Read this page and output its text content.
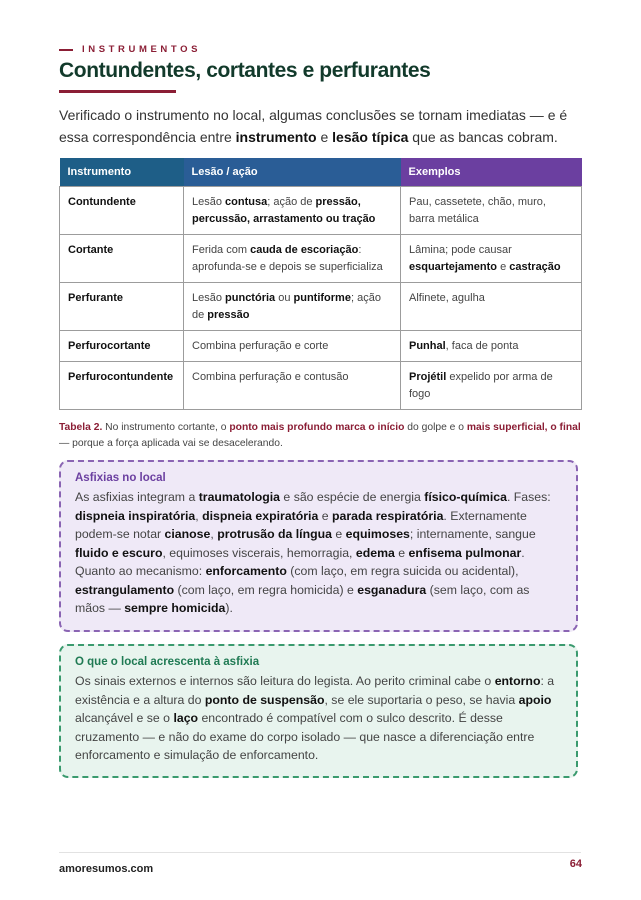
INSTRUMENTOS
Contundentes, cortantes e perfurantes

Verificado o instrumento no local, algumas conclusões se tornam imediatas — e é essa correspondência entre instrumento e lesão típica que as bancas cobram.

Instrumento	Lesão / ação	Exemplos
Contundente	Lesão contusa; ação de pressão, percussão, arrastamento ou tração	Pau, cassetete, chão, muro, barra metálica
Cortante	Ferida com cauda de escoriação: aprofunda-se e depois se superficializa	Lâmina; pode causar esquartejamento e castração
Perfurante	Lesão punctória ou puntiforme; ação de pressão	Alfinete, agulha
Perfurocortante	Combina perfuração e corte	Punhal, faca de ponta
Perfurocontundente	Combina perfuração e contusão	Projétil expelido por arma de fogo
Tabela 2. No instrumento cortante, o ponto mais profundo marca o início do golpe e o mais superficial, o final — porque a força aplicada vai se desacelerando.
Asfixias no local
As asfixias integram a traumatologia e são espécie de energia físico-química. Fases: dispneia inspiratória, dispneia expiratória e parada respiratória. Externamente podem-se notar cianose, protrusão da língua e equimoses; internamente, sangue fluido e escuro, equimoses viscerais, hemorragia, edema e enfisema pulmonar. Quanto ao mecanismo: enforcamento (com laço, em regra suicida ou acidental), estrangulamento (com laço, em regra homicida) e esganadura (sem laço, com as mãos — sempre homicida).
O que o local acrescenta à asfixia
Os sinais externos e internos são leitura do legista. Ao perito criminal cabe o entorno: a existência e a altura do ponto de suspensão, se ele suportaria o peso, se havia apoio alcançável e se o laço encontrado é compatível com o sulco descrito. É desse cruzamento — e não do exame do corpo isolado — que nasce a diferenciação entre enforcamento e simulação de enforcamento.
amoresumos.com	64
